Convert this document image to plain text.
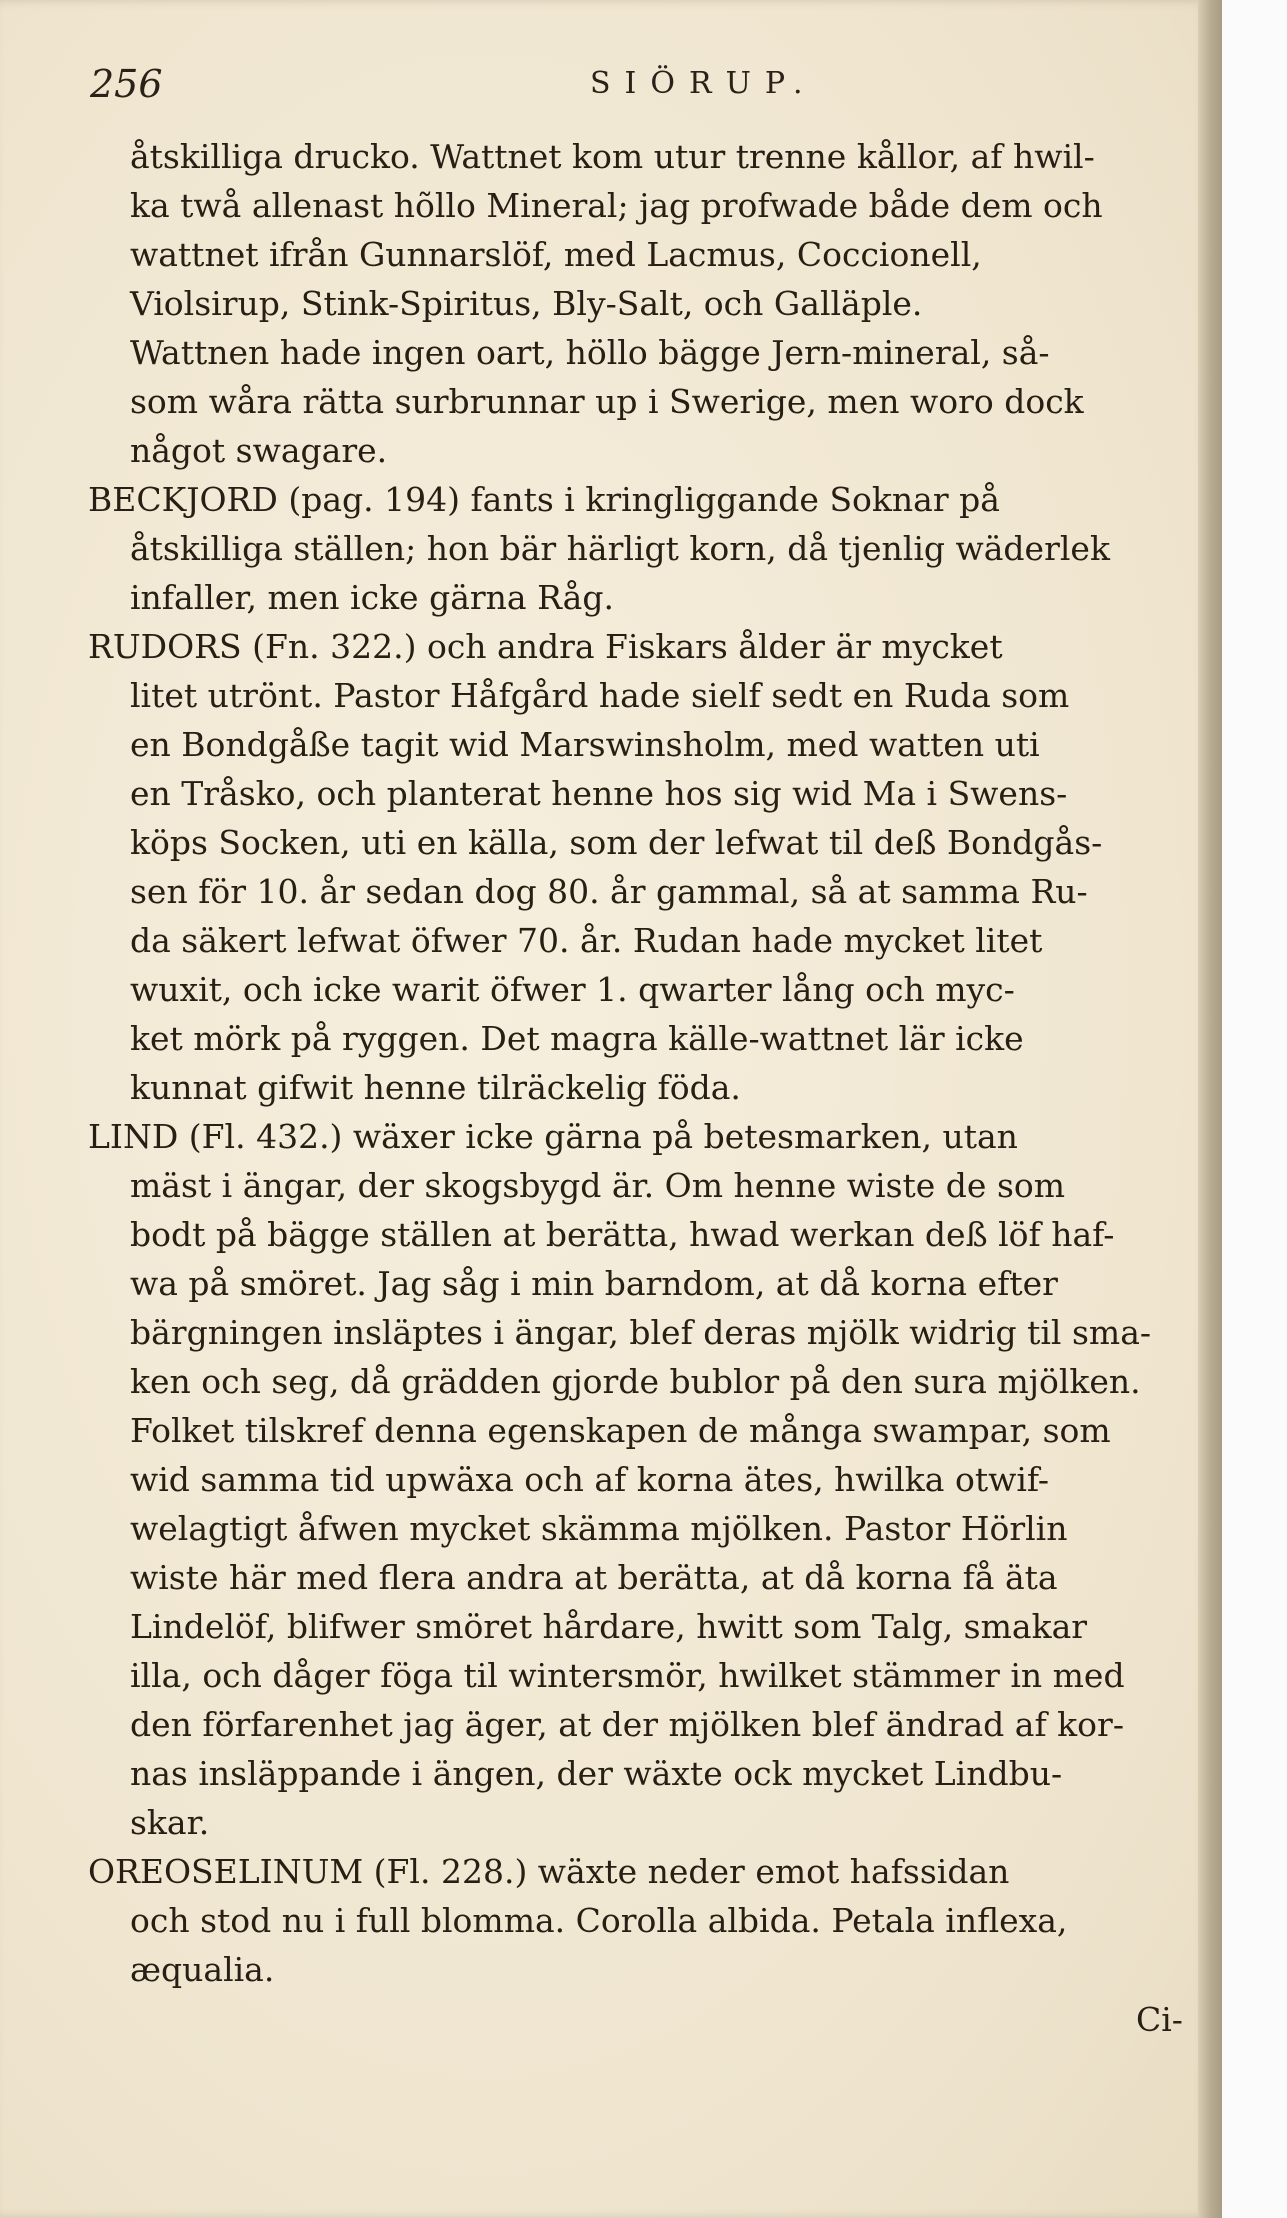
256	SIÖRUP.
åtskilliga drucko. Wattnet kom utur trenne kållor, af hwil-
ka twå allenast hõllo Mineral; jag profwade både dem och
wattnet ifrån Gunnarslöf, med Lacmus, Coccionell,
Violsirup, Stink-Spiritus, Bly-Salt, och Galläple.
Wattnen hade ingen oart, höllo bägge Jern-mineral, så-
som wåra rätta surbrunnar up i Swerige, men woro dock
något swagare.
BECKJORD (pag. 194) fants i kringliggande Soknar på
åtskilliga ställen; hon bär härligt korn, då tjenlig wäderlek
infaller, men icke gärna Råg.
RUDORS (Fn. 322.) och andra Fiskars ålder är mycket
litet utrönt. Pastor Håfgård hade sielf sedt en Ruda som
en Bondgåße tagit wid Marswinsholm, med watten uti
en Tråsko, och planterat henne hos sig wid Ma i Swens-
köps Socken, uti en källa, som der lefwat til deß Bondgås-
sen för 10. år sedan dog 80. år gammal, så at samma Ru-
da säkert lefwat öfwer 70. år. Rudan hade mycket litet
wuxit, och icke warit öfwer 1. qwarter lång och myc-
ket mörk på ryggen. Det magra källe-wattnet lär icke
kunnat gifwit henne tilräckelig föda.
LIND (Fl. 432.) wäxer icke gärna på betesmarken, utan
mäst i ängar, der skogsbygd är. Om henne wiste de som
bodt på bägge ställen at berätta, hwad werkan deß löf haf-
wa på smöret. Jag såg i min barndom, at då korna efter
bärgningen insläptes i ängar, blef deras mjölk widrig til sma-
ken och seg, då grädden gjorde bublor på den sura mjölken.
Folket tilskref denna egenskapen de många swampar, som
wid samma tid upwäxa och af korna ätes, hwilka otwif-
welagtigt åfwen mycket skämma mjölken. Pastor Hörlin
wiste här med flera andra at berätta, at då korna få äta
Lindelöf, blifwer smöret hårdare, hwitt som Talg, smakar
illa, och dåger föga til wintersmör, hwilket stämmer in med
den förfarenhet jag äger, at der mjölken blef ändrad af kor-
nas insläppande i ängen, der wäxte ock mycket Lindbu-
skar.
OREOSELINUM (Fl. 228.) wäxte neder emot hafssidan
och stod nu i full blomma. Corolla albida. Petala inflexa,
æqualia.
Ci-
